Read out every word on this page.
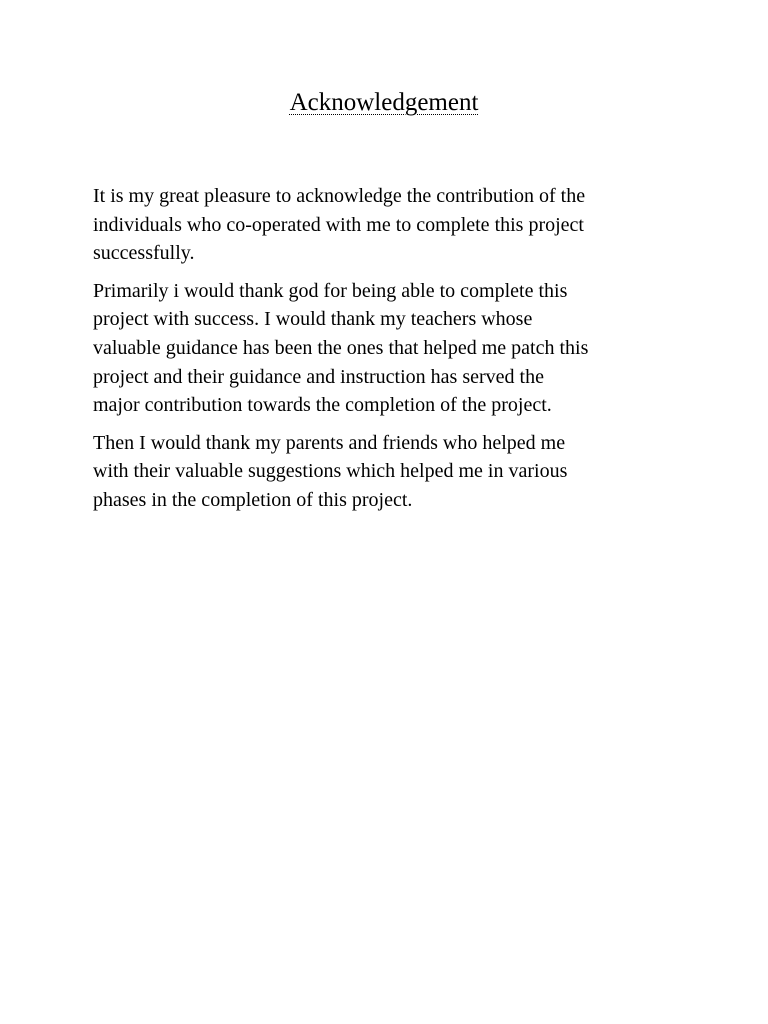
Acknowledgement

It is my great pleasure to acknowledge the contribution of the
individuals who co-operated with me to complete this project
successfully.

Primarily i would thank god for being able to complete this
project with success. I would thank my teachers whose
valuable guidance has been the ones that helped me patch this
project and their guidance and instruction has served the
major contribution towards the completion of the project.

Then I would thank my parents and friends who helped me
with their valuable suggestions which helped me in various
phases in the completion of this project.
